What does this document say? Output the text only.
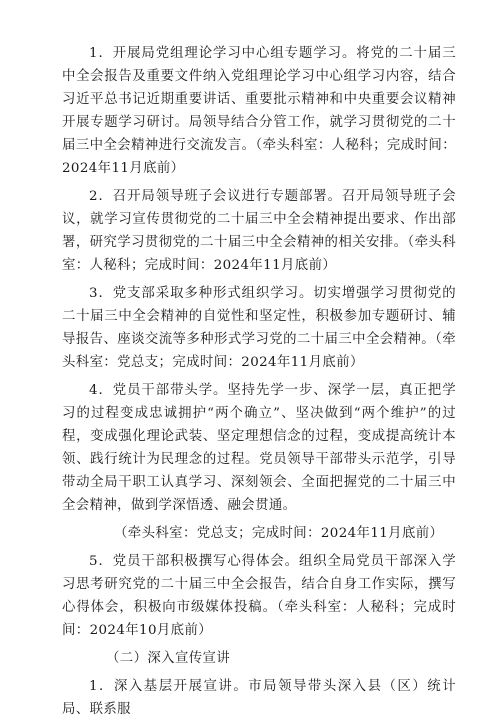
1．开展局党组理论学习中心组专题学习。将党的二十届三中全会报告及重要文件纳入党组理论学习中心组学习内容，结合习近平总书记近期重要讲话、重要批示精神和中央重要会议精神开展专题学习研讨。局领导结合分管工作，就学习贯彻党的二十届三中全会精神进行交流发言。（牵头科室：人秘科；完成时间：2024年11月底前）

2．召开局领导班子会议进行专题部署。召开局领导班子会议，就学习宣传贯彻党的二十届三中全会精神提出要求、作出部署，研究学习贯彻党的二十届三中全会精神的相关安排。（牵头科室：人秘科；完成时间：2024年11月底前）

3．党支部采取多种形式组织学习。切实增强学习贯彻党的二十届三中全会精神的自觉性和坚定性，积极参加专题研讨、辅导报告、座谈交流等多种形式学习党的二十届三中全会精神。（牵头科室：党总支；完成时间：2024年11月底前）

4．党员干部带头学。坚持先学一步、深学一层，真正把学习的过程变成忠诚拥护“两个确立”、坚决做到“两个维护”的过程，变成强化理论武装、坚定理想信念的过程，变成提高统计本领、践行统计为民理念的过程。党员领导干部带头示范学，引导带动全局干职工认真学习、深刻领会、全面把握党的二十届三中全会精神，做到学深悟透、融会贯通。

（牵头科室：党总支；完成时间：2024年11月底前）

5．党员干部积极撰写心得体会。组织全局党员干部深入学习思考研究党的二十届三中全会报告，结合自身工作实际，撰写心得体会，积极向市级媒体投稿。（牵头科室：人秘科；完成时间：2024年10月底前）

（二）深入宣传宣讲

1．深入基层开展宣讲。市局领导带头深入县（区）统计局、联系服
